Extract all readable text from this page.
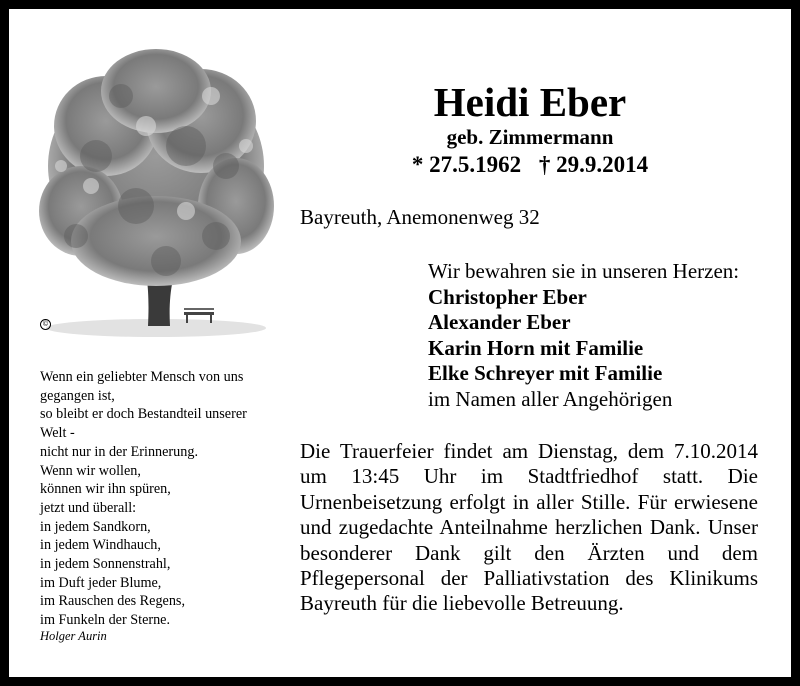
©
Heidi Eber
geb. Zimmermann
* 27.5.1962 † 29.9.2014
Bayreuth, Anemonenweg 32
Wir bewahren sie in unseren Herzen:
Christopher Eber
Alexander Eber
Karin Horn mit Familie
Elke Schreyer mit Familie
im Namen aller Angehörigen
Die Trauerfeier findet am Dienstag, dem 7.10.2014 um 13:45 Uhr im Stadtfriedhof statt. Die Urnenbeisetzung erfolgt in aller Stille. Für erwiesene und zugedachte Anteilnahme herzlichen Dank. Unser besonderer Dank gilt den Ärzten und dem Pflegepersonal der Palliativstation des Klinikums Bayreuth für die liebevolle Betreuung.
Wenn ein geliebter Mensch von uns
gegangen ist,
so bleibt er doch Bestandteil unserer
Welt -
nicht nur in der Erinnerung.
Wenn wir wollen,
können wir ihn spüren,
jetzt und überall:
in jedem Sandkorn,
in jedem Windhauch,
in jedem Sonnenstrahl,
im Duft jeder Blume,
im Rauschen des Regens,
im Funkeln der Sterne.
Holger Aurin
